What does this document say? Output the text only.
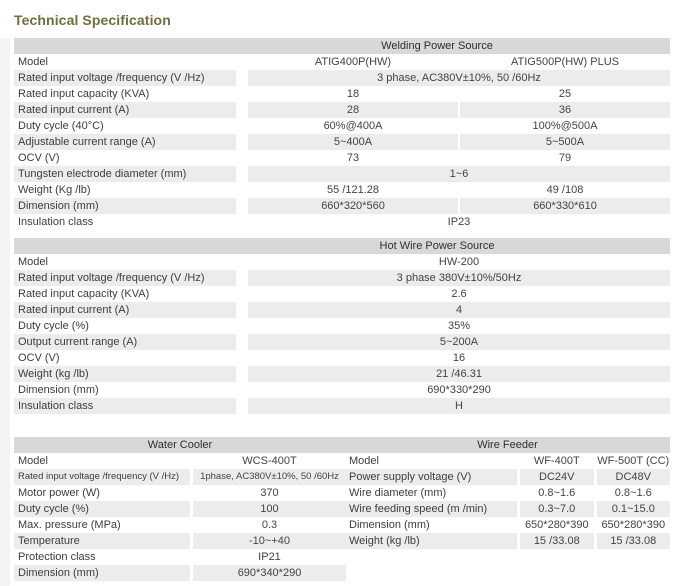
Technical Specification
Welding Power Source
Model	ATIG400P(HW)	ATIG500P(HW) PLUS
Rated input voltage /frequency (V /Hz)	3 phase, AC380V±10%, 50 /60Hz
Rated input capacity (KVA)	18	25
Rated input current (A)	28	36
Duty cycle (40°C)	60%@400A	100%@500A
Adjustable current range (A)	5~400A	5~500A
OCV (V)	73	79
Tungsten electrode diameter (mm)	1~6
Weight (Kg /lb)	55 /121.28	49 /108
Dimension (mm)	660*320*560	660*330*610
Insulation class	IP23
Hot Wire Power Source
Model	HW-200
Rated input voltage /frequency (V /Hz)	3 phase 380V±10%/50Hz
Rated input capacity (KVA)	2.6
Rated input current (A)	4
Duty cycle (%)	35%
Output current range (A)	5~200A
OCV (V)	16
Weight (kg /lb)	21 /46.31
Dimension (mm)	690*330*290
Insulation class	H
Water Cooler
Model	WCS-400T
Rated input voltage /frequency (V /Hz)	1phase, AC380V±10%, 50 /60Hz
Motor power (W)	370
Duty cycle (%)	100
Max. pressure (MPa)	0.3
Temperature	-10~+40
Protection class	IP21
Dimension (mm)	690*340*290
Wire Feeder
Model	WF-400T	WF-500T (CC)
Power supply voltage (V)	DC24V	DC48V
Wire diameter (mm)	0.8~1.6	0.8~1.6
Wire feeding speed (m /min)	0.3~7.0	0.1~15.0
Dimension (mm)	650*280*390	650*280*390
Weight (kg /lb)	15 /33.08	15 /33.08
